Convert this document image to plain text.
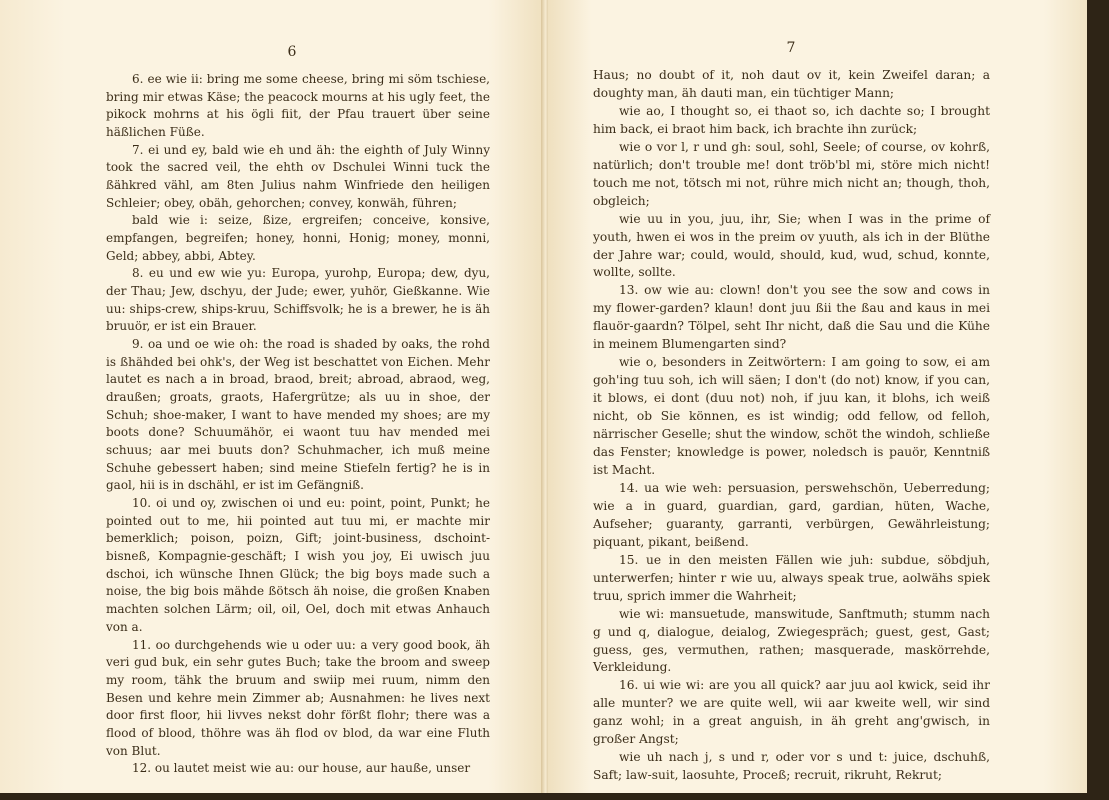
6

6. ee wie ii: bring me some cheese, bring mi söm tschiese, bring mir etwas Käse; the peacock mourns at his ugly feet, the pikock mohrns at his ögli fiit, der Pfau trauert über seine häßlichen Füße.

7. ei und ey, bald wie eh und äh: the eighth of July Winny took the sacred veil, the ehth ov Dschulei Winni tuck the ßähkred vähl, am 8ten Julius nahm Winfriede den heiligen Schleier; obey, obäh, gehorchen; convey, konwäh, führen;

bald wie i: seize, ßize, ergreifen; conceive, konsive, empfangen, begreifen; honey, honni, Honig; money, monni, Geld; abbey, abbi, Abtey.

8. eu und ew wie yu: Europa, yurohp, Europa; dew, dyu, der Thau; Jew, dschyu, der Jude; ewer, yuhör, Gießkanne. Wie uu: ships-crew, ships-kruu, Schiffsvolk; he is a brewer, he is äh bruuör, er ist ein Brauer.

9. oa und oe wie oh: the road is shaded by oaks, the rohd is ßhähded bei ohk's, der Weg ist beschattet von Eichen. Mehr lautet es nach a in broad, braod, breit; abroad, abraod, weg, draußen; groats, graots, Hafergrütze; als uu in shoe, der Schuh; shoe-maker, I want to have mended my shoes; are my boots done? Schuumähör, ei waont tuu hav mended mei schuus; aar mei buuts don? Schuhmacher, ich muß meine Schuhe gebessert haben; sind meine Stiefeln fertig? he is in gaol, hii is in dschähl, er ist im Gefängniß.

10. oi und oy, zwischen oi und eu: point, point, Punkt; he pointed out to me, hii pointed aut tuu mi, er machte mir bemerklich; poison, poizn, Gift; joint-business, dschoint-bisneß, Kompagnie-geschäft; I wish you joy, Ei uwisch juu dschoi, ich wünsche Ihnen Glück; the big boys made such a noise, the big bois mähde ßötsch äh noise, die großen Knaben machten solchen Lärm; oil, oil, Oel, doch mit etwas Anhauch von a.

11. oo durchgehends wie u oder uu: a very good book, äh veri gud buk, ein sehr gutes Buch; take the broom and sweep my room, tähk the bruum and swiip mei ruum, nimm den Besen und kehre mein Zimmer ab; Ausnahmen: he lives next door first floor, hii livves nekst dohr förßt flohr; there was a flood of blood, thöhre was äh flod ov blod, da war eine Fluth von Blut.

12. ou lautet meist wie au: our house, aur hauße, unser

7

Haus; no doubt of it, noh daut ov it, kein Zweifel daran; a doughty man, äh dauti man, ein tüchtiger Mann;

wie ao, I thought so, ei thaot so, ich dachte so; I brought him back, ei braot him back, ich brachte ihn zurück;

wie o vor l, r und gh: soul, sohl, Seele; of course, ov kohrß, natürlich; don't trouble me! dont tröb'bl mi, störe mich nicht! touch me not, tötsch mi not, rühre mich nicht an; though, thoh, obgleich;

wie uu in you, juu, ihr, Sie; when I was in the prime of youth, hwen ei wos in the preim ov yuuth, als ich in der Blüthe der Jahre war; could, would, should, kud, wud, schud, konnte, wollte, sollte.

13. ow wie au: clown! don't you see the sow and cows in my flower-garden? klaun! dont juu ßii the ßau and kaus in mei flauör-gaardn? Tölpel, seht Ihr nicht, daß die Sau und die Kühe in meinem Blumengarten sind?

wie o, besonders in Zeitwörtern: I am going to sow, ei am goh'ing tuu soh, ich will säen; I don't (do not) know, if you can, it blows, ei dont (duu not) noh, if juu kan, it blohs, ich weiß nicht, ob Sie können, es ist windig; odd fellow, od felloh, närrischer Geselle; shut the window, schöt the windoh, schließe das Fenster; knowledge is power, noledsch is pauör, Kenntniß ist Macht.

14. ua wie weh: persuasion, perswehschön, Ueberredung; wie a in guard, guardian, gard, gardian, hüten, Wache, Aufseher; guaranty, garranti, verbürgen, Gewährleistung; piquant, pikant, beißend.

15. ue in den meisten Fällen wie juh: subdue, söbdjuh, unterwerfen; hinter r wie uu, always speak true, aolwähs spiek truu, sprich immer die Wahrheit;

wie wi: mansuetude, manswitude, Sanftmuth; stumm nach g und q, dialogue, deialog, Zwiegespräch; guest, gest, Gast; guess, ges, vermuthen, rathen; masquerade, maskörrehde, Verkleidung.

16. ui wie wi: are you all quick? aar juu aol kwick, seid ihr alle munter? we are quite well, wii aar kweite well, wir sind ganz wohl; in a great anguish, in äh greht ang'gwisch, in großer Angst;

wie uh nach j, s und r, oder vor s und t: juice, dschuhß, Saft; law-suit, laosuhte, Proceß; recruit, rikruht, Rekrut;
